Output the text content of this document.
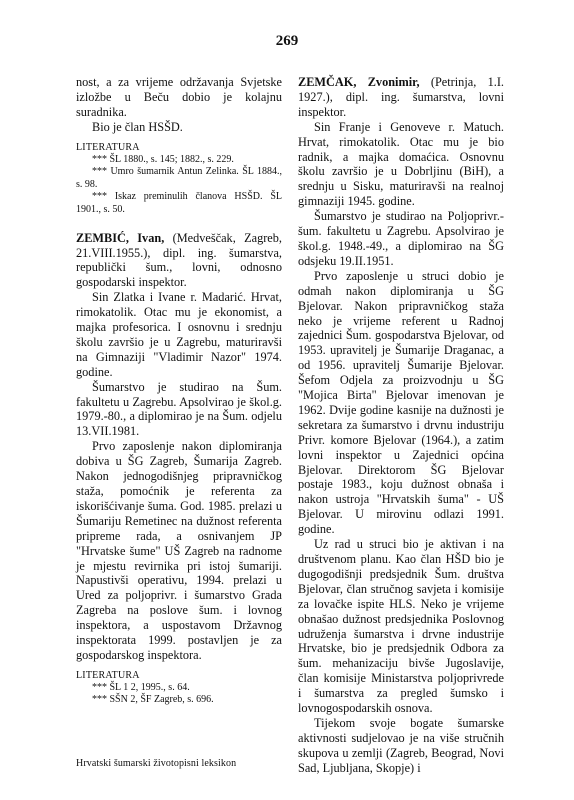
269

nost, a za vrijeme održavanja Svjetske izložbe u Beču dobio je kolajnu suradnika.

Bio je član HSŠD.

LITERATURA

*** ŠL 1880., s. 145; 1882., s. 229.

*** Umro šumarnik Antun Zelinka. ŠL 1884., s. 98.

*** Iskaz preminulih članova HSŠD. ŠL 1901., s. 50.

ZEMBIĆ, Ivan, (Medveščak, Zagreb, 21.VIII.1955.), dipl. ing. šumarstva, republički šum., lovni, odnosno gospodarski inspektor.

Sin Zlatka i Ivane r. Madarić. Hrvat, rimokatolik. Otac mu je ekonomist, a majka profesorica. I osnovnu i srednju školu završio je u Zagrebu, maturiravši na Gimnaziji "Vladimir Nazor" 1974. godine.

Šumarstvo je studirao na Šum. fakultetu u Zagrebu. Apsolvirao je škol.g. 1979.-80., a diplomirao je na Šum. odjelu 13.VII.1981.

Prvo zaposlenje nakon diplomiranja dobiva u ŠG Zagreb, Šumarija Zagreb. Nakon jednogodišnjeg pripravničkog staža, pomoćnik je referenta za iskorišćivanje šuma. God. 1985. prelazi u Šumariju Remetinec na dužnost referenta pripreme rada, a osnivanjem JP "Hrvatske šume" UŠ Zagreb na radnome je mjestu revirnika pri istoj šumariji. Napustivši operativu, 1994. prelazi u Ured za poljoprivr. i šumarstvo Grada Zagreba na poslove šum. i lovnog inspektora, a uspostavom Državnog inspektorata 1999. postavljen je za gospodarskog inspektora.

LITERATURA

*** ŠL 1 2, 1995., s. 64.

*** SŠN 2, ŠF Zagreb, s. 696.

ZEMČAK, Zvonimir, (Petrinja, 1.I. 1927.), dipl. ing. šumarstva, lovni inspektor.

Sin Franje i Genoveve r. Matuch. Hrvat, rimokatolik. Otac mu je bio radnik, a majka domaćica. Osnovnu školu završio je u Dobrljinu (BiH), a srednju u Sisku, maturiravši na realnoj gimnaziji 1945. godine.

Šumarstvo je studirao na Poljoprivr.-šum. fakultetu u Zagrebu. Apsolvirao je škol.g. 1948.-49., a diplomirao na ŠG odsjeku 19.II.1951.

Prvo zaposlenje u struci dobio je odmah nakon diplomiranja u ŠG Bjelovar. Nakon pripravničkog staža neko je vrijeme referent u Radnoj zajednici Šum. gospodarstva Bjelovar, od 1953. upravitelj je Šumarije Draganac, a od 1956. upravitelj Šumarije Bjelovar. Šefom Odjela za proizvodnju u ŠG "Mojica Birta" Bjelovar imenovan je 1962. Dvije godine kasnije na dužnosti je sekretara za šumarstvo i drvnu industriju Privr. komore Bjelovar (1964.), a zatim lovni inspektor u Zajednici općina Bjelovar. Direktorom ŠG Bjelovar postaje 1983., koju dužnost obnaša i nakon ustroja "Hrvatskih šuma" - UŠ Bjelovar. U mirovinu odlazi 1991. godine.

Uz rad u struci bio je aktivan i na društvenom planu. Kao član HŠD bio je dugogodišnji predsjednik Šum. društva Bjelovar, član stručnog savjeta i komisije za lovačke ispite HLS. Neko je vrijeme obnašao dužnost predsjednika Poslovnog udruženja šumarstva i drvne industrije Hrvatske, bio je predsjednik Odbora za šum. mehanizaciju bivše Jugoslavije, član komisije Ministarstva poljoprivrede i šumarstva za pregled šumsko i lovnogospodarskih osnova.

Tijekom svoje bogate šumarske aktivnosti sudjelovao je na više stručnih skupova u zemlji (Zagreb, Beograd, Novi Sad, Ljubljana, Skopje) i

Hrvatski šumarski životopisni leksikon
